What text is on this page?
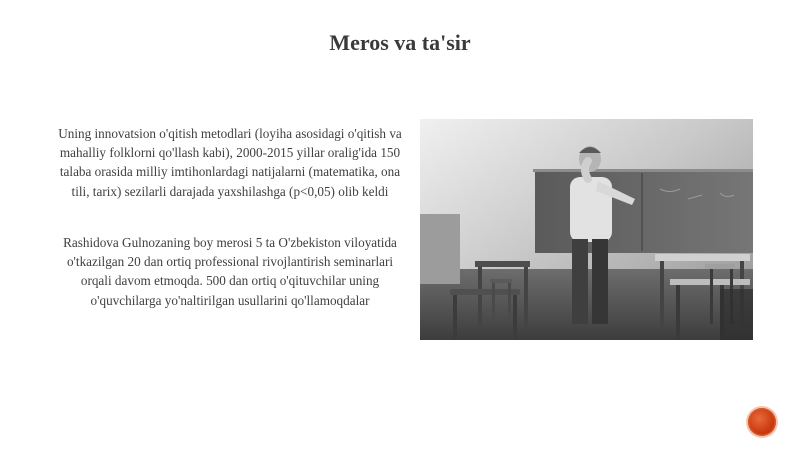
Meros va ta'sir

Uning innovatsion o'qitish metodlari (loyiha asosidagi o'qitish va mahalliy folklorni qo'llash kabi), 2000-2015 yillar oralig'ida 150 talaba orasida milliy imtihonlardagi natijalarni (matematika, ona tili, tarix) sezilarli darajada yaxshilashga (p<0,05) olib keldi

Rashidova Gulnozaning boy merosi 5 ta O'zbekiston viloyatida o'tkazilgan 20 dan ortiq professional rivojlantirish seminarlari orqali davom etmoqda. 500 dan ortiq o'qituvchilar uning o'quvchilarga yo'naltirilgan usullarini qo'llamoqdalar
